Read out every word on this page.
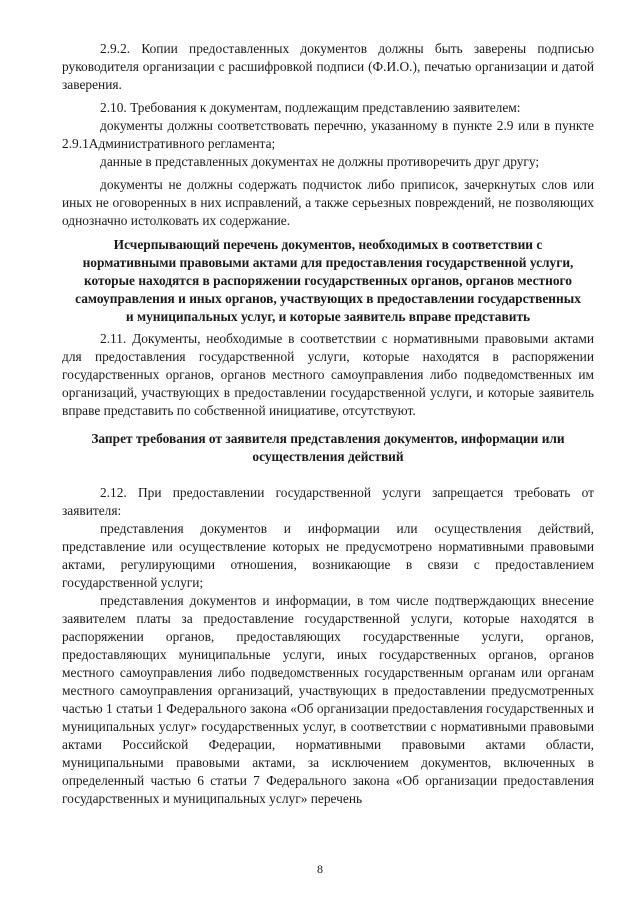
2.9.2. Копии предоставленных документов должны быть заверены подписью руководителя организации с расшифровкой подписи (Ф.И.О.), печатью организации и датой заверения.

2.10. Требования к документам, подлежащим представлению заявителем:

документы должны соответствовать перечню, указанному в пункте 2.9 или в пункте 2.9.1Административного регламента;

данные в представленных документах не должны противоречить друг другу;

документы не должны содержать подчисток либо приписок, зачеркнутых слов или иных не оговоренных в них исправлений, а также серьезных повреждений, не позволяющих однозначно истолковать их содержание.

Исчерпывающий перечень документов, необходимых в соответствии с нормативными правовыми актами для предоставления государственной услуги, которые находятся в распоряжении государственных органов, органов местного самоуправления и иных органов, участвующих в предоставлении государственных и муниципальных услуг, и которые заявитель вправе представить

2.11. Документы, необходимые в соответствии с нормативными правовыми актами для предоставления государственной услуги, которые находятся в распоряжении государственных органов, органов местного самоуправления либо подведомственных им организаций, участвующих в предоставлении государственной услуги, и которые заявитель вправе представить по собственной инициативе, отсутствуют.

Запрет требования от заявителя представления документов, информации или осуществления действий

2.12. При предоставлении государственной услуги запрещается требовать от заявителя:

представления документов и информации или осуществления действий, представление или осуществление которых не предусмотрено нормативными правовыми актами, регулирующими отношения, возникающие в связи с предоставлением государственной услуги;

представления документов и информации, в том числе подтверждающих внесение заявителем платы за предоставление государственной услуги, которые находятся в распоряжении органов, предоставляющих государственные услуги, органов, предоставляющих муниципальные услуги, иных государственных органов, органов местного самоуправления либо подведомственных государственным органам или органам местного самоуправления организаций, участвующих в предоставлении предусмотренных частью 1 статьи 1 Федерального закона «Об организации предоставления государственных и муниципальных услуг» государственных услуг, в соответствии с нормативными правовыми актами Российской Федерации, нормативными правовыми актами области, муниципальными правовыми актами, за исключением документов, включенных в определенный частью 6 статьи 7 Федерального закона «Об организации предоставления государственных и муниципальных услуг» перечень

8
